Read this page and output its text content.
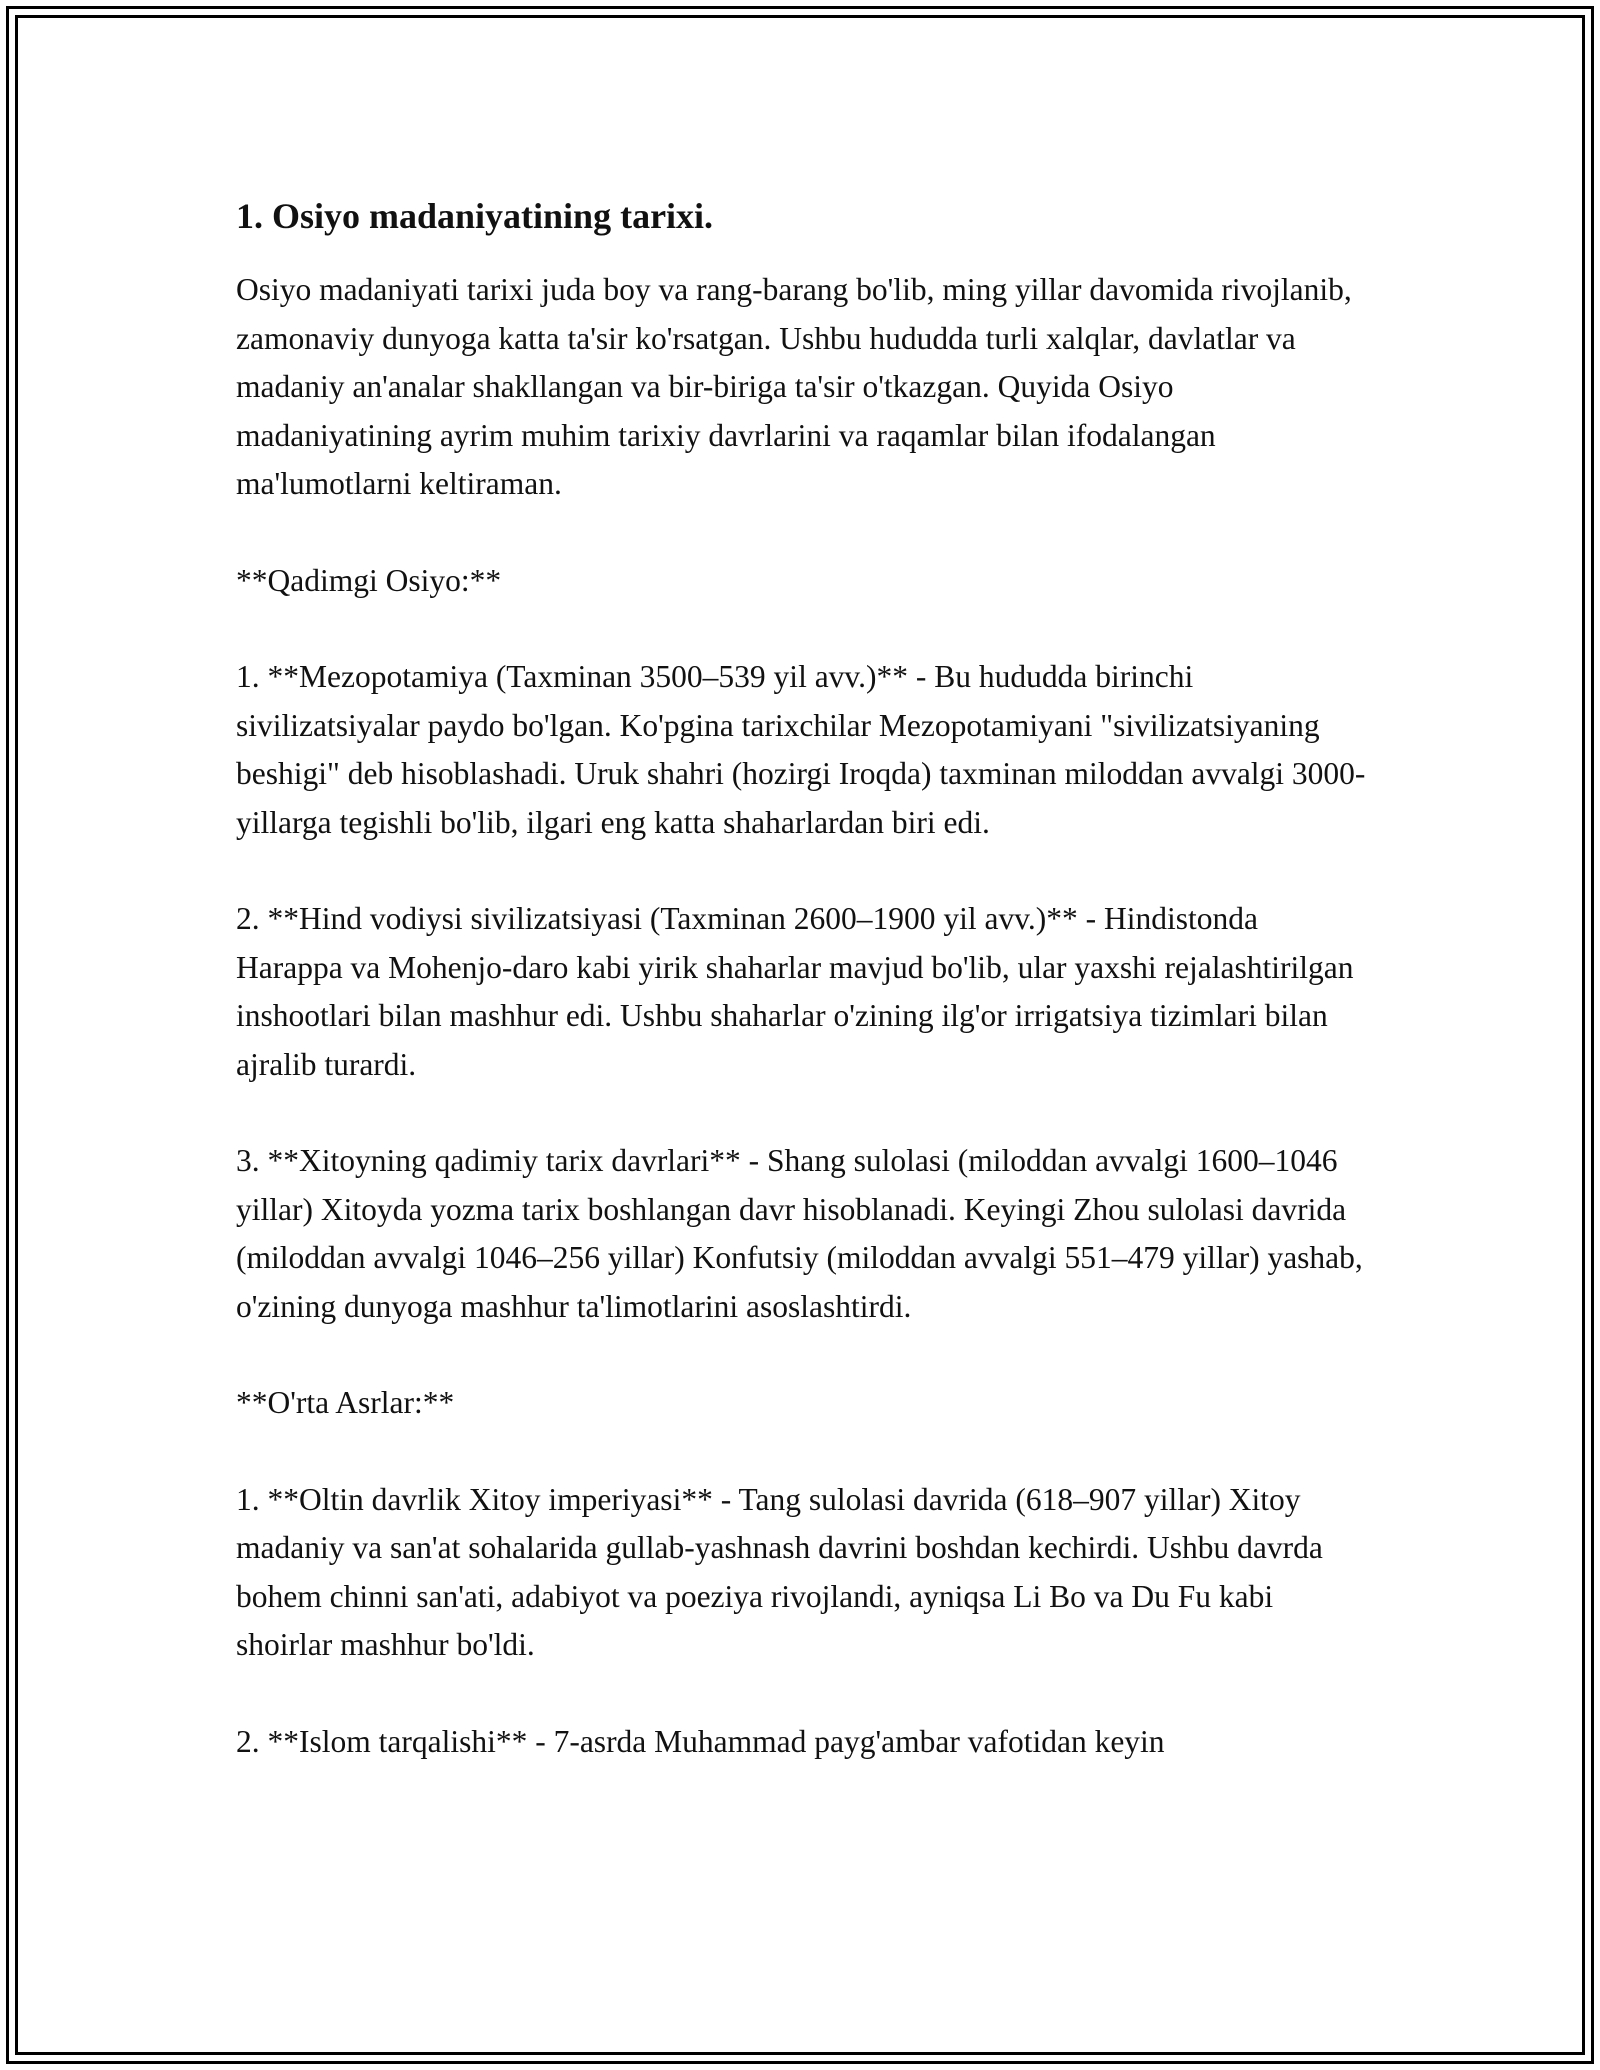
1. Osiyo madaniyatining tarixi.

Osiyo madaniyati tarixi juda boy va rang-barang bo'lib, ming yillar davomida rivojlanib, zamonaviy dunyoga katta ta'sir ko'rsatgan. Ushbu hududda turli xalqlar, davlatlar va madaniy an'analar shakllangan va bir-biriga ta'sir o'tkazgan. Quyida Osiyo madaniyatining ayrim muhim tarixiy davrlarini va raqamlar bilan ifodalangan ma'lumotlarni keltiraman.

**Qadimgi Osiyo:**

1. **Mezopotamiya (Taxminan 3500–539 yil avv.)** - Bu hududda birinchi sivilizatsiyalar paydo bo'lgan. Ko'pgina tarixchilar Mezopotamiyani "sivilizatsiyaning beshigi" deb hisoblashadi. Uruk shahri (hozirgi Iroqda) taxminan miloddan avvalgi 3000-yillarga tegishli bo'lib, ilgari eng katta shaharlardan biri edi.

2. **Hind vodiysi sivilizatsiyasi (Taxminan 2600–1900 yil avv.)** - Hindistonda Harappa va Mohenjo-daro kabi yirik shaharlar mavjud bo'lib, ular yaxshi rejalashtirilgan inshootlari bilan mashhur edi. Ushbu shaharlar o'zining ilg'or irrigatsiya tizimlari bilan ajralib turardi.

3. **Xitoyning qadimiy tarix davrlari** - Shang sulolasi (miloddan avvalgi 1600–1046 yillar) Xitoyda yozma tarix boshlangan davr hisoblanadi. Keyingi Zhou sulolasi davrida (miloddan avvalgi 1046–256 yillar) Konfutsiy (miloddan avvalgi 551–479 yillar) yashab, o'zining dunyoga mashhur ta'limotlarini asoslashtirdi.

**O'rta Asrlar:**

1. **Oltin davrlik Xitoy imperiyasi** - Tang sulolasi davrida (618–907 yillar) Xitoy madaniy va san'at sohalarida gullab-yashnash davrini boshdan kechirdi. Ushbu davrda bohem chinni san'ati, adabiyot va poeziya rivojlandi, ayniqsa Li Bo va Du Fu kabi shoirlar mashhur bo'ldi.

2. **Islom tarqalishi** - 7-asrda Muhammad payg'ambar vafotidan keyin
